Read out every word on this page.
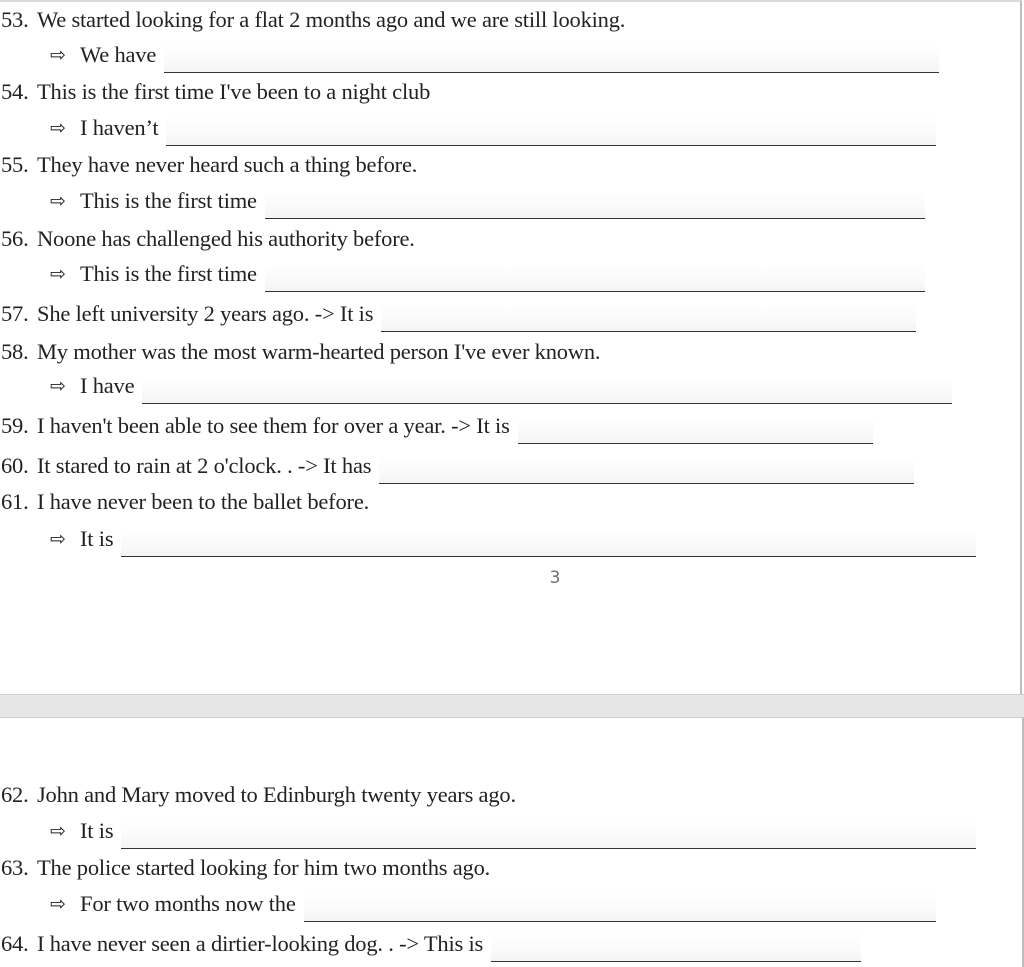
53. We started looking for a flat 2 months ago and we are still looking.
⇨ We have
54. This is the first time I've been to a night club
⇨ I haven’t
55. They have never heard such a thing before.
⇨ This is the first time
56. Noone has challenged his authority before.
⇨ This is the first time
57. She left university 2 years ago. -> It is
58. My mother was the most warm-hearted person I've ever known.
⇨ I have
59. I haven't been able to see them for over a year. -> It is
60. It stared to rain at 2 o'clock. . -> It has
61. I have never been to the ballet before.
⇨ It is
3
62. John and Mary moved to Edinburgh twenty years ago.
⇨ It is
63. The police started looking for him two months ago.
⇨ For two months now the
64. I have never seen a dirtier-looking dog. . -> This is
